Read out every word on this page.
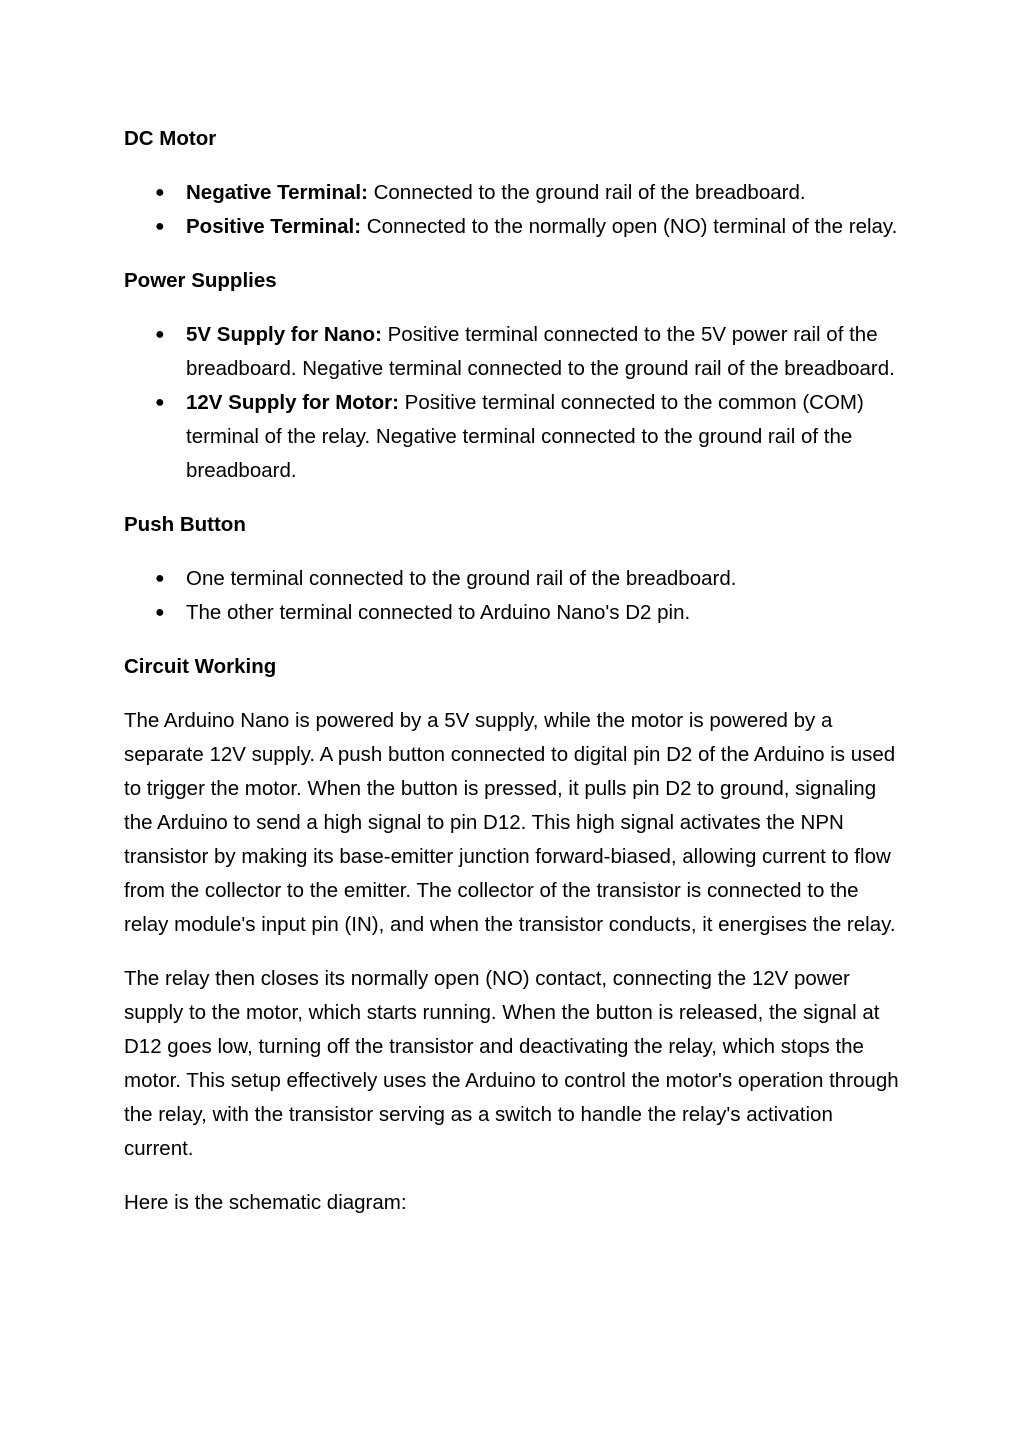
DC Motor
● Negative Terminal: Connected to the ground rail of the breadboard.
● Positive Terminal: Connected to the normally open (NO) terminal of the relay.
Power Supplies
● 5V Supply for Nano: Positive terminal connected to the 5V power rail of the breadboard. Negative terminal connected to the ground rail of the breadboard.
● 12V Supply for Motor: Positive terminal connected to the common (COM) terminal of the relay. Negative terminal connected to the ground rail of the breadboard.
Push Button
● One terminal connected to the ground rail of the breadboard.
● The other terminal connected to Arduino Nano's D2 pin.
Circuit Working

The Arduino Nano is powered by a 5V supply, while the motor is powered by a separate 12V supply. A push button connected to digital pin D2 of the Arduino is used to trigger the motor. When the button is pressed, it pulls pin D2 to ground, signaling the Arduino to send a high signal to pin D12. This high signal activates the NPN transistor by making its base-emitter junction forward-biased, allowing current to flow from the collector to the emitter. The collector of the transistor is connected to the relay module's input pin (IN), and when the transistor conducts, it energises the relay.

The relay then closes its normally open (NO) contact, connecting the 12V power supply to the motor, which starts running. When the button is released, the signal at D12 goes low, turning off the transistor and deactivating the relay, which stops the motor. This setup effectively uses the Arduino to control the motor's operation through the relay, with the transistor serving as a switch to handle the relay's activation current.

Here is the schematic diagram:
